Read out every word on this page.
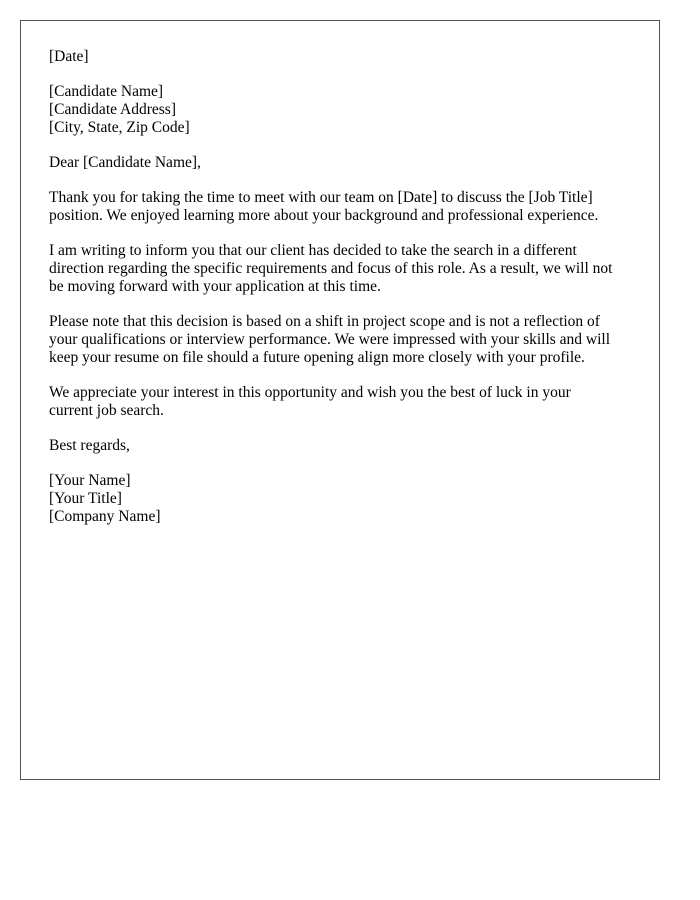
[Date]
[Candidate Name]
[Candidate Address]
[City, State, Zip Code]
Dear [Candidate Name],

Thank you for taking the time to meet with our team on [Date] to discuss the [Job Title]
position. We enjoyed learning more about your background and professional experience.

I am writing to inform you that our client has decided to take the search in a different
direction regarding the specific requirements and focus of this role. As a result, we will not
be moving forward with your application at this time.

Please note that this decision is based on a shift in project scope and is not a reflection of
your qualifications or interview performance. We were impressed with your skills and will
keep your resume on file should a future opening align more closely with your profile.

We appreciate your interest in this opportunity and wish you the best of luck in your
current job search.

Best regards,
[Your Name]
[Your Title]
[Company Name]
